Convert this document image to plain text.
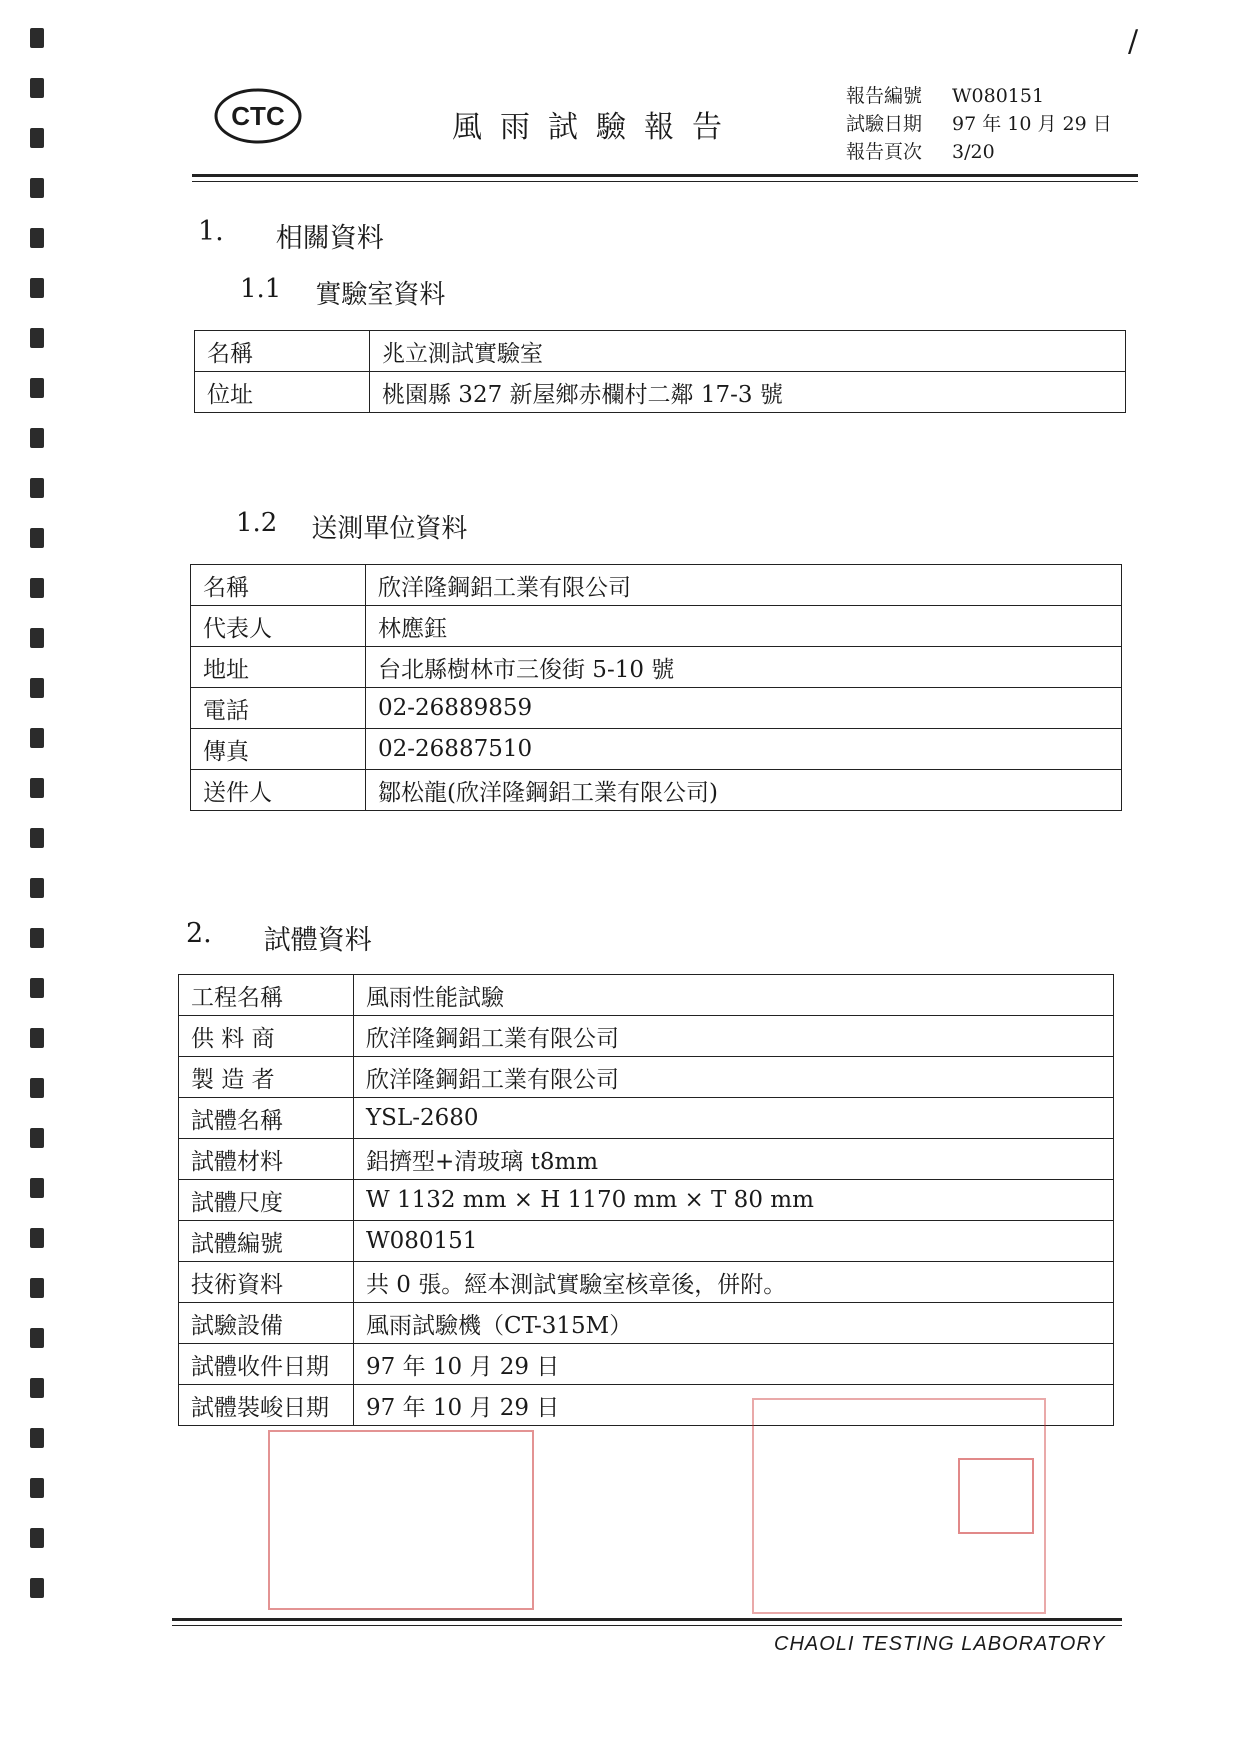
/
CTC	風雨試驗報告
報告編號	W080151
試驗日期	97 年 10 月 29 日
報告頁次	3/20
1. 相關資料
1.1 實驗室資料
名稱	兆立測試實驗室
位址	桃園縣 327 新屋鄉赤欄村二鄰 17-3 號
1.2 送測單位資料
名稱	欣洋隆鋼鋁工業有限公司
代表人	林應鈺
地址	台北縣樹林市三俊街 5-10 號
電話	02-26889859
傳真	02-26887510
送件人	鄒松龍(欣洋隆鋼鋁工業有限公司)
2. 試體資料
工程名稱	風雨性能試驗
供 料 商	欣洋隆鋼鋁工業有限公司
製 造 者	欣洋隆鋼鋁工業有限公司
試體名稱	YSL-2680
試體材料	鋁擠型+清玻璃 t8mm
試體尺度	W 1132 mm × H 1170 mm × T 80 mm
試體編號	W080151
技術資料	共 0 張。經本測試實驗室核章後，併附。
試驗設備	風雨試驗機（CT-315M）
試體收件日期	97 年 10 月 29 日
試體裝峻日期	97 年 10 月 29 日
CHAOLI TESTING LABORATORY
